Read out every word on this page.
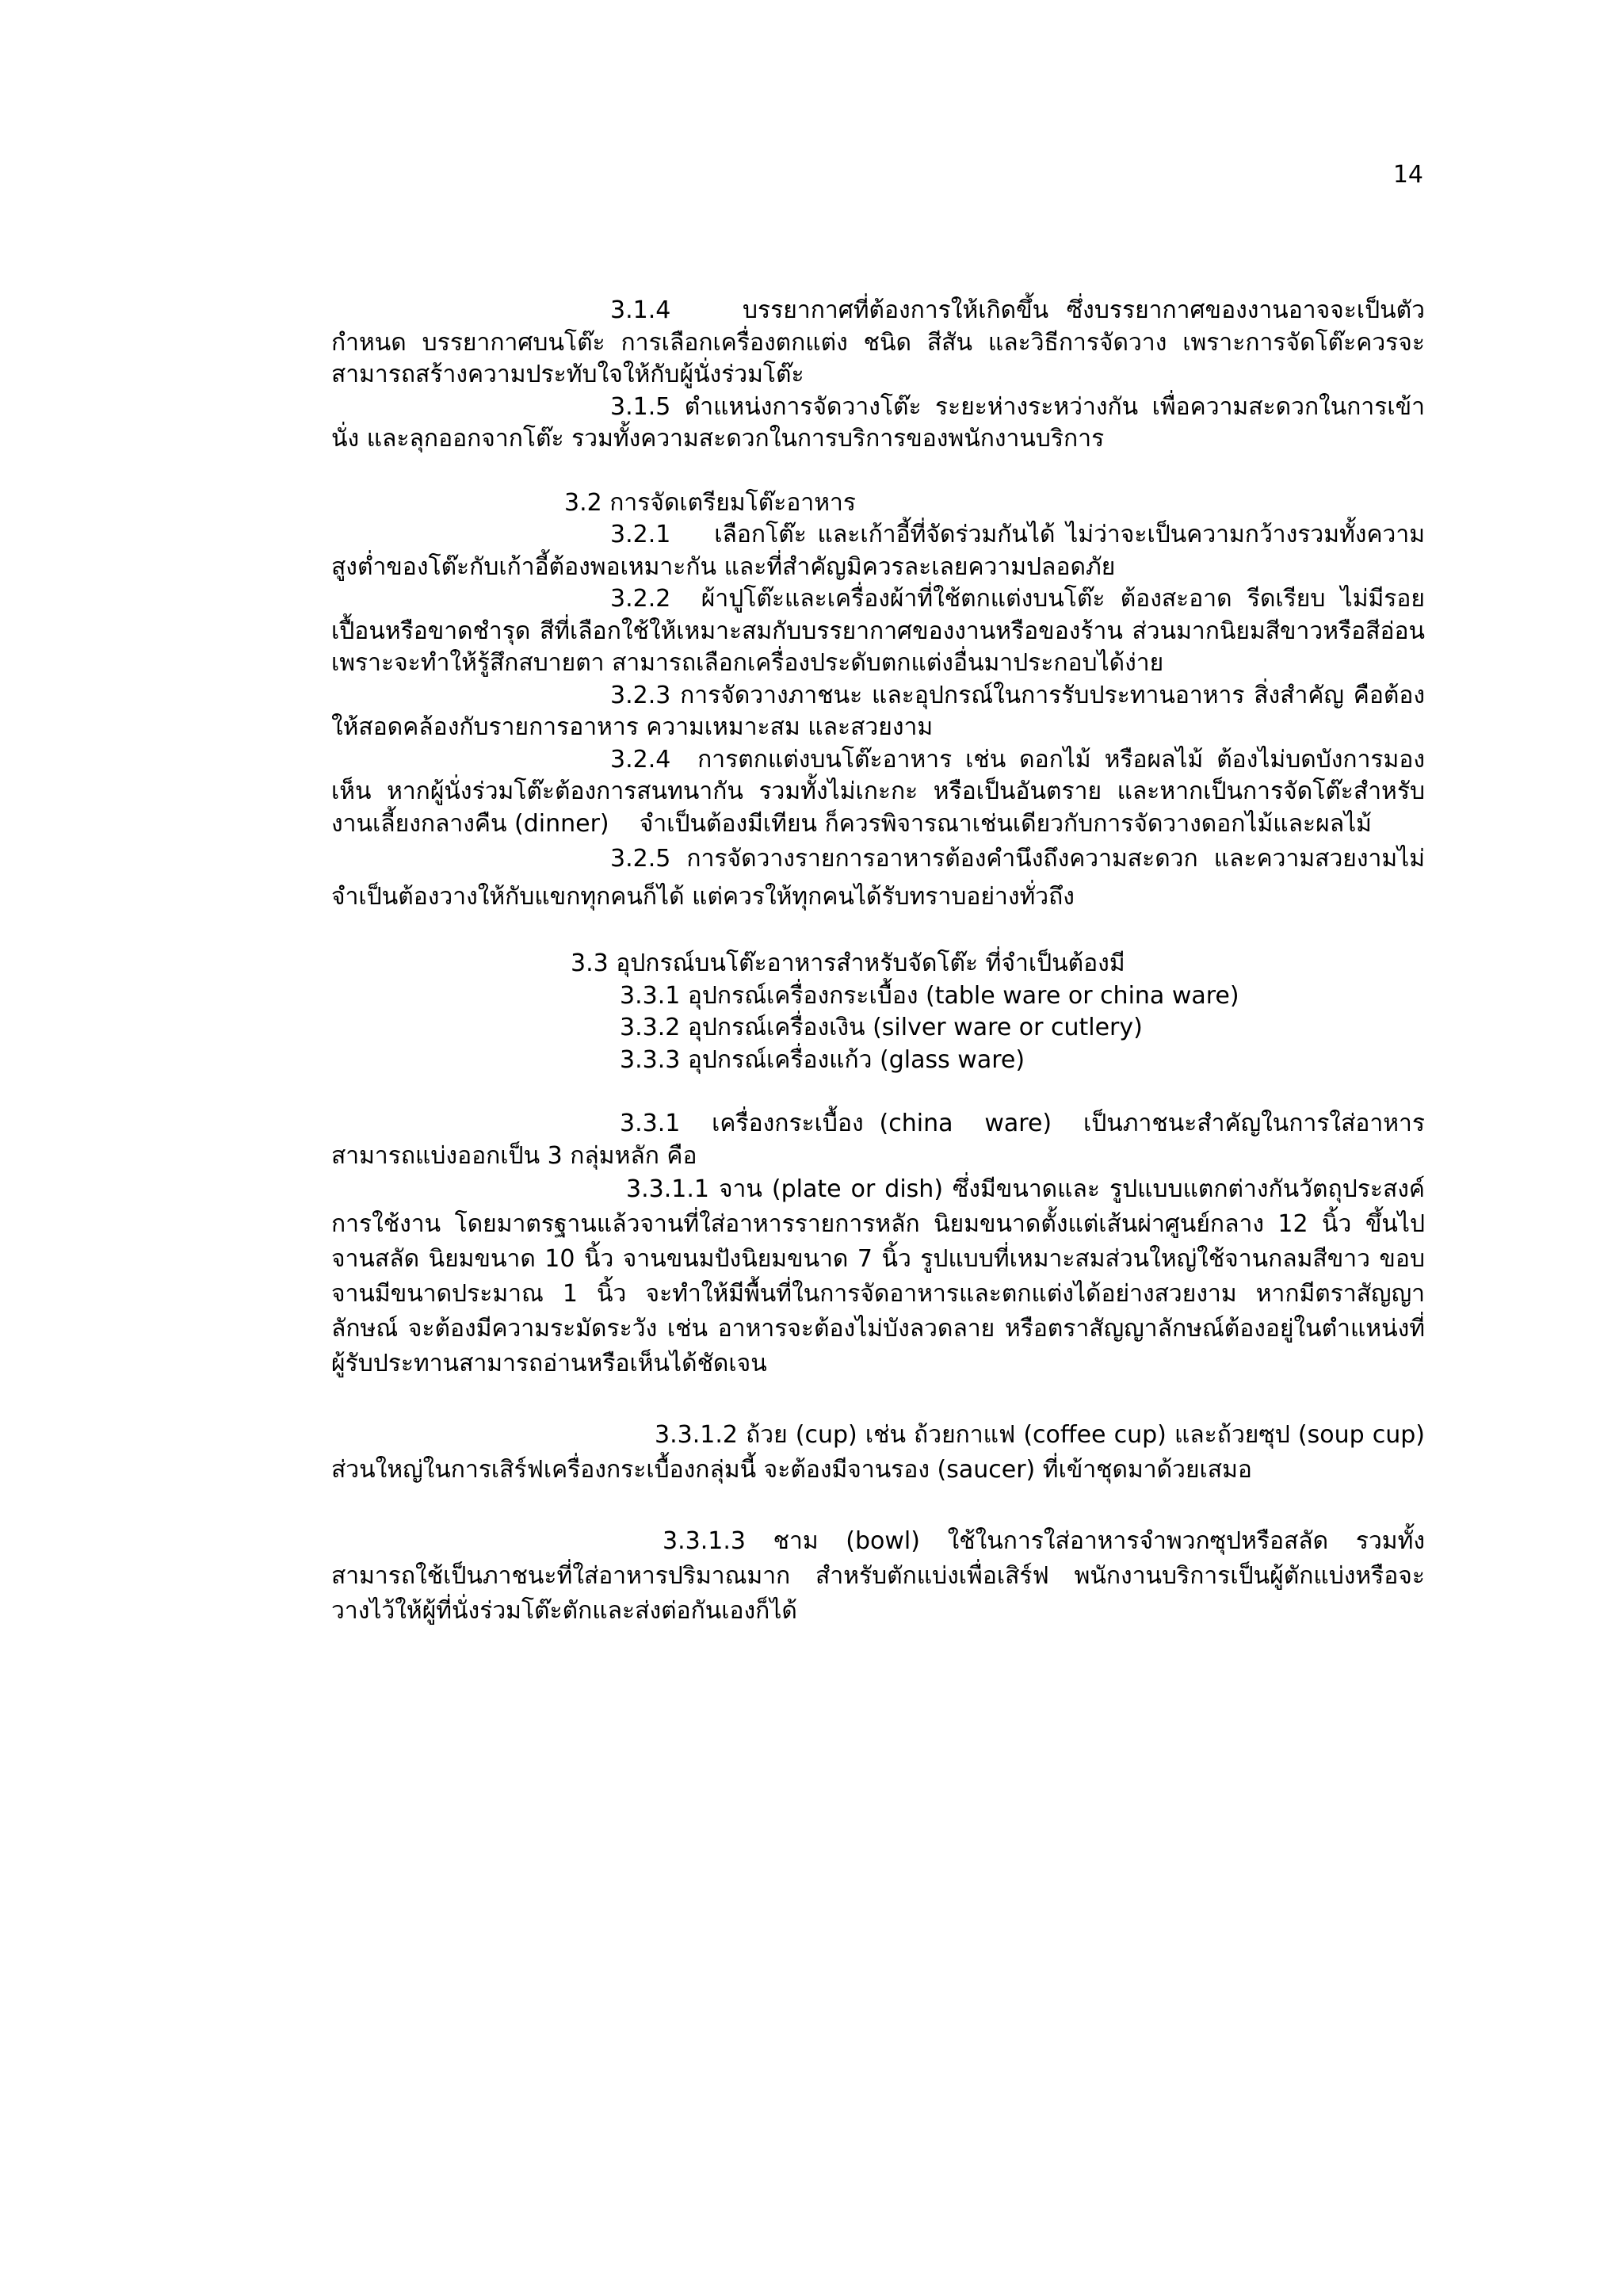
14

3.1.4    บรรยากาศที่ต้องการให้เกิดขึ้น ซึ่งบรรยากาศของงานอาจจะเป็นตัวกำหนด บรรยากาศบนโต๊ะ การเลือกเครื่องตกแต่ง ชนิด สีสัน และวิธีการจัดวาง เพราะการจัดโต๊ะควรจะสามารถสร้างความประทับใจให้กับผู้นั่งร่วมโต๊ะ

3.1.5 ตำแหน่งการจัดวางโต๊ะ ระยะห่างระหว่างกัน เพื่อความสะดวกในการเข้านั่ง และลุกออกจากโต๊ะ รวมทั้งความสะดวกในการบริการของพนักงานบริการ

3.2 การจัดเตรียมโต๊ะอาหาร

3.2.1    เลือกโต๊ะ และเก้าอี้ที่จัดร่วมกันได้ ไม่ว่าจะเป็นความกว้างรวมทั้งความสูงต่ำของโต๊ะกับเก้าอี้ต้องพอเหมาะกัน และที่สำคัญมิควรละเลยความปลอดภัย

3.2.2  ผ้าปูโต๊ะและเครื่องผ้าที่ใช้ตกแต่งบนโต๊ะ ต้องสะอาด รีดเรียบ ไม่มีรอยเปื้อนหรือขาดชำรุด สีที่เลือกใช้ให้เหมาะสมกับบรรยากาศของงานหรือของร้าน ส่วนมากนิยมสีขาวหรือสีอ่อน เพราะจะทำให้รู้สึกสบายตา สามารถเลือกเครื่องประดับตกแต่งอื่นมาประกอบได้ง่าย

3.2.3 การจัดวางภาชนะ และอุปกรณ์ในการรับประทานอาหาร สิ่งสำคัญ คือต้องให้สอดคล้องกับรายการอาหาร ความเหมาะสม และสวยงาม

3.2.4  การตกแต่งบนโต๊ะอาหาร เช่น ดอกไม้ หรือผลไม้ ต้องไม่บดบังการมองเห็น หากผู้นั่งร่วมโต๊ะต้องการสนทนากัน รวมทั้งไม่เกะกะ หรือเป็นอันตราย และหากเป็นการจัดโต๊ะสำหรับงานเลี้ยงกลางคืน (dinner)    จำเป็นต้องมีเทียน ก็ควรพิจารณาเช่นเดียวกับการจัดวางดอกไม้และผลไม้

3.2.5 การจัดวางรายการอาหารต้องคำนึงถึงความสะดวก และความสวยงามไม่จำเป็นต้องวางให้กับแขกทุกคนก็ได้ แต่ควรให้ทุกคนได้รับทราบอย่างทั่วถึง

3.3 อุปกรณ์บนโต๊ะอาหารสำหรับจัดโต๊ะ ที่จำเป็นต้องมี

3.3.1 อุปกรณ์เครื่องกระเบื้อง (table ware or china ware)

3.3.2 อุปกรณ์เครื่องเงิน (silver ware or cutlery)

3.3.3 อุปกรณ์เครื่องแก้ว (glass ware)

3.3.1  เครื่องกระเบื้อง (china  ware)  เป็นภาชนะสำคัญในการใส่อาหารสามารถแบ่งออกเป็น 3 กลุ่มหลัก คือ

3.3.1.1 จาน (plate or dish) ซึ่งมีขนาดและ รูปแบบแตกต่างกันวัตถุประสงค์การใช้งาน โดยมาตรฐานแล้วจานที่ใส่อาหารรายการหลัก นิยมขนาดตั้งแต่เส้นผ่าศูนย์กลาง 12 นิ้ว ขึ้นไป จานสลัด นิยมขนาด 10 นิ้ว จานขนมปังนิยมขนาด 7 นิ้ว รูปแบบที่เหมาะสมส่วนใหญ่ใช้จานกลมสีขาว ขอบจานมีขนาดประมาณ 1 นิ้ว จะทำให้มีพื้นที่ในการจัดอาหารและตกแต่งได้อย่างสวยงาม หากมีตราสัญญาลักษณ์ จะต้องมีความระมัดระวัง เช่น อาหารจะต้องไม่บังลวดลาย หรือตราสัญญาลักษณ์ต้องอยู่ในตำแหน่งที่ผู้รับประทานสามารถอ่านหรือเห็นได้ชัดเจน

3.3.1.2 ถ้วย (cup) เช่น ถ้วยกาแฟ (coffee cup) และถ้วยซุป (soup cup) ส่วนใหญ่ในการเสิร์ฟเครื่องกระเบื้องกลุ่มนี้ จะต้องมีจานรอง (saucer) ที่เข้าชุดมาด้วยเสมอ

3.3.1.3 ชาม (bowl) ใช้ในการใส่อาหารจำพวกซุปหรือสลัด รวมทั้งสามารถใช้เป็นภาชนะที่ใส่อาหารปริมาณมาก สำหรับตักแบ่งเพื่อเสิร์ฟ พนักงานบริการเป็นผู้ตักแบ่งหรือจะวางไว้ให้ผู้ที่นั่งร่วมโต๊ะตักและส่งต่อกันเองก็ได้
